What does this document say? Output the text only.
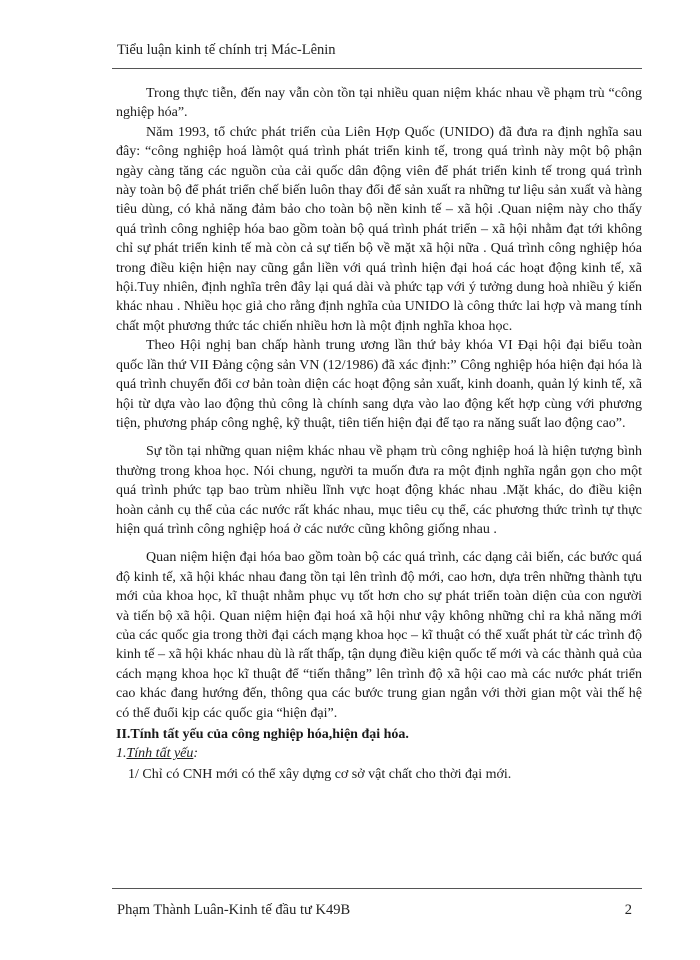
Tiểu luận kinh tế chính trị Mác-Lênin

Trong thực tiễn, đến nay vẫn còn tồn tại nhiều quan niệm khác nhau về phạm trù “công nghiệp hóa”.

Năm 1993, tổ chức phát triển của Liên Hợp Quốc (UNIDO) đã đưa ra định nghĩa sau đây: “công nghiệp hoá làmột quá trình phát triển kinh tế, trong quá trình này một bộ phận ngày càng tăng các nguồn của cải quốc dân động viên để phát triển kinh tế trong quá trình này toàn bộ để phát triển chế biến luôn thay đổi để sản xuất ra những tư liệu sản xuất và hàng tiêu dùng, có khả năng đảm bảo cho toàn bộ nền kinh tế – xã hội .Quan niệm này cho thấy quá trình công nghiệp hóa bao gồm toàn bộ quá trình phát triển – xã hội nhằm đạt tới không chỉ sự phát triển kinh tế mà còn cả sự tiến bộ về mặt xã hội nữa . Quá trình công nghiệp hóa trong điều kiện hiện nay cũng gắn liền với quá trình hiện đại hoá các hoạt động kinh tế, xã hội.Tuy nhiên, định nghĩa trên đây lại quá dài và phức tạp với ý tưởng dung hoà nhiều ý kiến khác nhau . Nhiều học giả cho rằng định nghĩa của UNIDO là công thức lai hợp và mang tính chất một phương thức tác chiến nhiều hơn là một định nghĩa khoa học.

Theo Hội nghị ban chấp hành trung ương lần thứ bảy khóa VI Đại hội đại biểu toàn quốc lần thứ VII Đảng cộng sản VN (12/1986) đã xác định:” Công nghiệp hóa hiện đại hóa là quá trình chuyển đổi cơ bản toàn diện các hoạt động sản xuất, kinh doanh, quản lý kinh tế, xã hội từ dựa vào lao động thủ công là chính sang dựa vào lao động kết hợp cùng với phương tiện, phương pháp công nghệ, kỹ thuật, tiên tiến hiện đại để tạo ra năng suất lao động cao”.

Sự tồn tại những quan niệm khác nhau về phạm trù công nghiệp hoá là hiện tượng bình thường trong khoa học. Nói chung, người ta muốn đưa ra một định nghĩa ngắn gọn cho một quá trình phức tạp bao trùm nhiều lĩnh vực hoạt động khác nhau .Mặt khác, do điều kiện hoàn cảnh cụ thể của các nước rất khác nhau, mục tiêu cụ thể, các phương thức trình tự thực hiện quá trình công nghiệp hoá ở các nước cũng không giống nhau .

Quan niệm hiện đại hóa bao gồm toàn bộ các quá trình, các dạng cải biến, các bước quá độ kinh tế, xã hội khác nhau đang tồn tại lên trình độ mới, cao hơn, dựa trên những thành tựu mới của khoa học, kĩ thuật nhằm phục vụ tốt hơn cho sự phát triển toàn diện của con người và tiến bộ xã hội. Quan niệm hiện đại hoá xã hội như vậy không những chỉ ra khả năng mới của các quốc gia trong thời đại cách mạng khoa học – kĩ thuật có thể xuất phát từ các trình độ kinh tế – xã hội khác nhau dù là rất thấp, tận dụng điều kiện quốc tế mới và các thành quả của cách mạng khoa học kĩ thuật để “tiến thẳng” lên trình độ xã hội cao mà các nước phát triển cao khác đang hướng đến, thông qua các bước trung gian ngắn với thời gian một vài thế hệ có thể đuổi kịp các quốc gia “hiện đại”.

II.Tính tất yếu của công nghiệp hóa,hiện đại hóa.
1.Tính tất yếu:
1/ Chỉ có CNH mới có thể xây dựng cơ sở vật chất cho thời đại mới.
Phạm Thành Luân-Kinh tế đầu tư K49B	2
